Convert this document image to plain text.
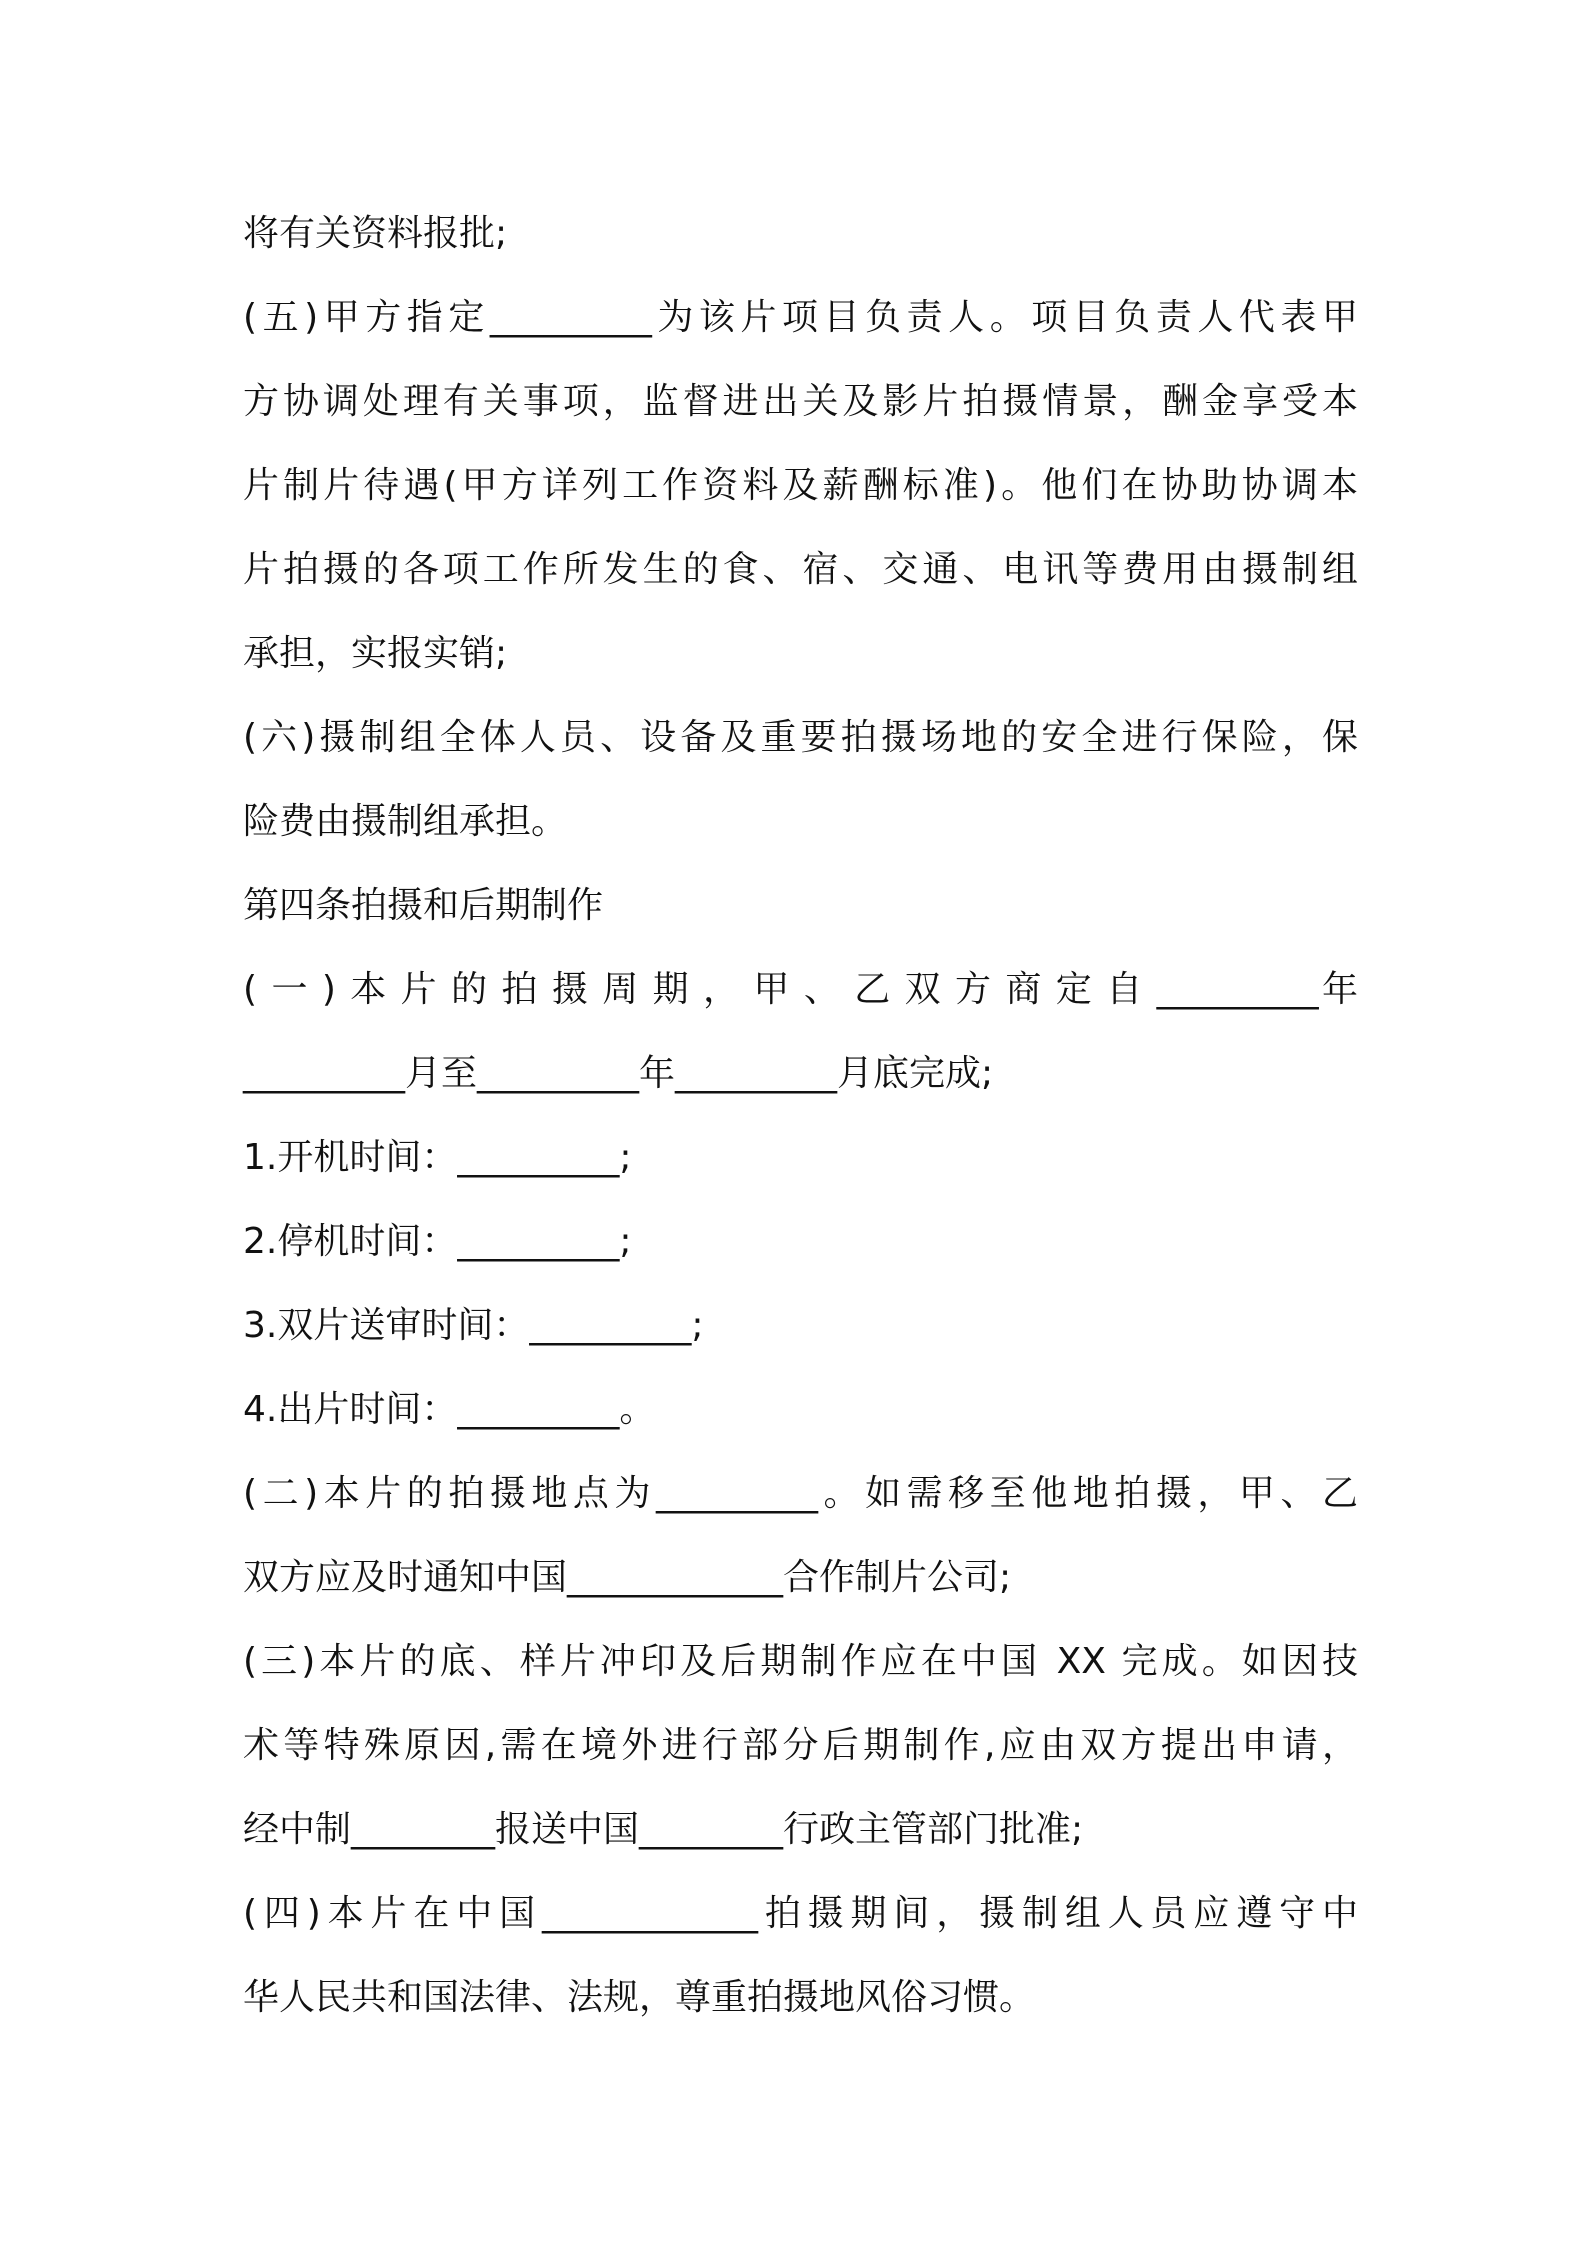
将有关资料报批;
(五)甲方指定_________为该片项目负责人。项目负责人代表甲
方协调处理有关事项，监督进出关及影片拍摄情景，酬金享受本
片制片待遇(甲方详列工作资料及薪酬标准)。他们在协助协调本
片拍摄的各项工作所发生的食、宿、交通、电讯等费用由摄制组
承担，实报实销;
(六)摄制组全体人员、设备及重要拍摄场地的安全进行保险，保
险费由摄制组承担。
第四条拍摄和后期制作
(一)本片的拍摄周期，甲、乙双方商定自_________年
_________月至_________年_________月底完成;
1.开机时间：_________;
2.停机时间：_________;
3.双片送审时间：_________;
4.出片时间：_________。
(二)本片的拍摄地点为_________。如需移至他地拍摄，甲、乙
双方应及时通知中国____________合作制片公司;
(三)本片的底、样片冲印及后期制作应在中国 XX 完成。如因技
术等特殊原因,需在境外进行部分后期制作,应由双方提出申请，
经中制________报送中国________行政主管部门批准;
(四)本片在中国____________拍摄期间，摄制组人员应遵守中
华人民共和国法律、法规，尊重拍摄地风俗习惯。
